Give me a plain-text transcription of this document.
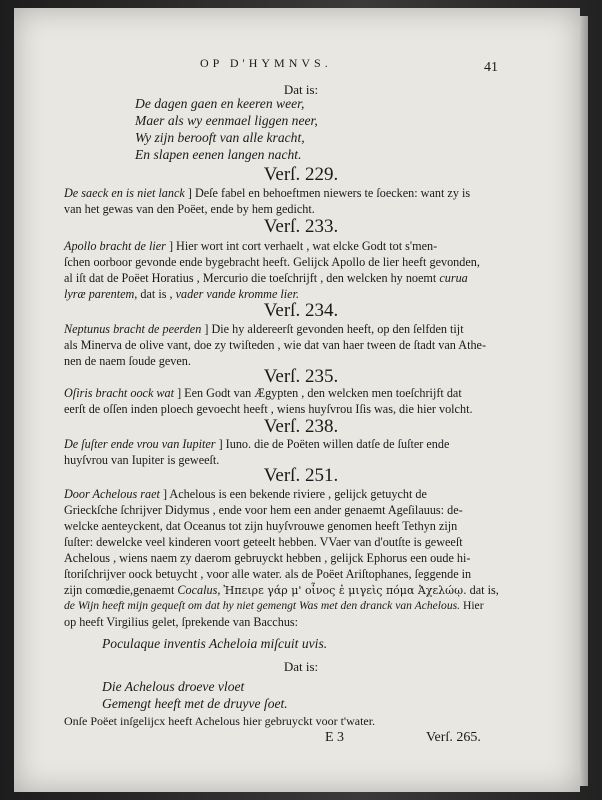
OP D'HYMNVS.	41
Dat is:
De dagen gaen en keeren weer,
Maer als wy eenmael liggen neer,
Wy zijn berooft van alle kracht,
En slapen eenen langen nacht.
Verſ. 229.
De saeck en is niet lanck ] Deſe fabel en behoeftmen niewers te ſoecken: want zy is
van het gewas van den Poëet, ende by hem gedicht.
Verſ. 233.
Apollo bracht de lier ] Hier wort int cort verhaelt , wat elcke Godt tot s'men-
ſchen oorboor gevonde ende bygebracht heeft. Gelijck Apollo de lier heeft gevonden,
al iſt dat de Poëet Horatius , Mercurio die toeſchrijft , den welcken hy noemt curua
lyræ parentem, dat is , vader vande kromme lier.
Verſ. 234.
Neptunus bracht de peerden ] Die hy aldereerſt gevonden heeft, op den ſelfden tijt
als Minerva de olive vant, doe zy twiſteden , wie dat van haer tween de ſtadt van Athe-
nen de naem ſoude geven.
Verſ. 235.
Oſiris bracht oock wat ] Een Godt van Ægypten , den welcken men toeſchrijft dat
eerſt de oſſen inden ploech gevoecht heeft , wiens huyſvrou Iſis was, die hier volcht.
Verſ. 238.
De ſuſter ende vrou van Iupiter ] Iuno. die de Poëten willen datſe de ſuſter ende
huyſvrou van Iupiter is geweeſt.
Verſ. 251.
Door Achelous raet ] Achelous is een bekende riviere , gelijck getuycht de
Grieckſche ſchrijver Didymus , ende voor hem een ander genaemt Ageſilauus: de-
welcke aenteyckent, dat Oceanus tot zijn huyſvrouwe genomen heeft Tethyn zijn
ſuſter: dewelcke veel kinderen voort geteelt hebben. VVaer van d'outſte is geweeſt
Achelous , wiens naem zy daerom gebruyckt hebben , gelijck Ephorus een oude hi-
ſtoriſchrijver oock betuycht , voor alle water. als de Poëet Ariſtophanes, ſeggende in
zijn comœdie,genaemt Cocalus, Ἠπειρε γάρ μ' οἶνος ἐ μιγεὶς πόμα Ἀχελώῳ. dat is,
de Wijn heeft mijn gequeſt om dat hy niet gemengt Was met den dranck van Achelous. Hier
op heeft Virgilius gelet, ſprekende van Bacchus:
Poculaque inventis Acheloia miſcuit uvis.
Dat is:
Die Achelous droeve vloet
Gemengt heeft met de druyve ſoet.
Onſe Poëet inſgelijcx heeft Achelous hier gebruyckt voor t'water.
E 3	Verſ. 265.
